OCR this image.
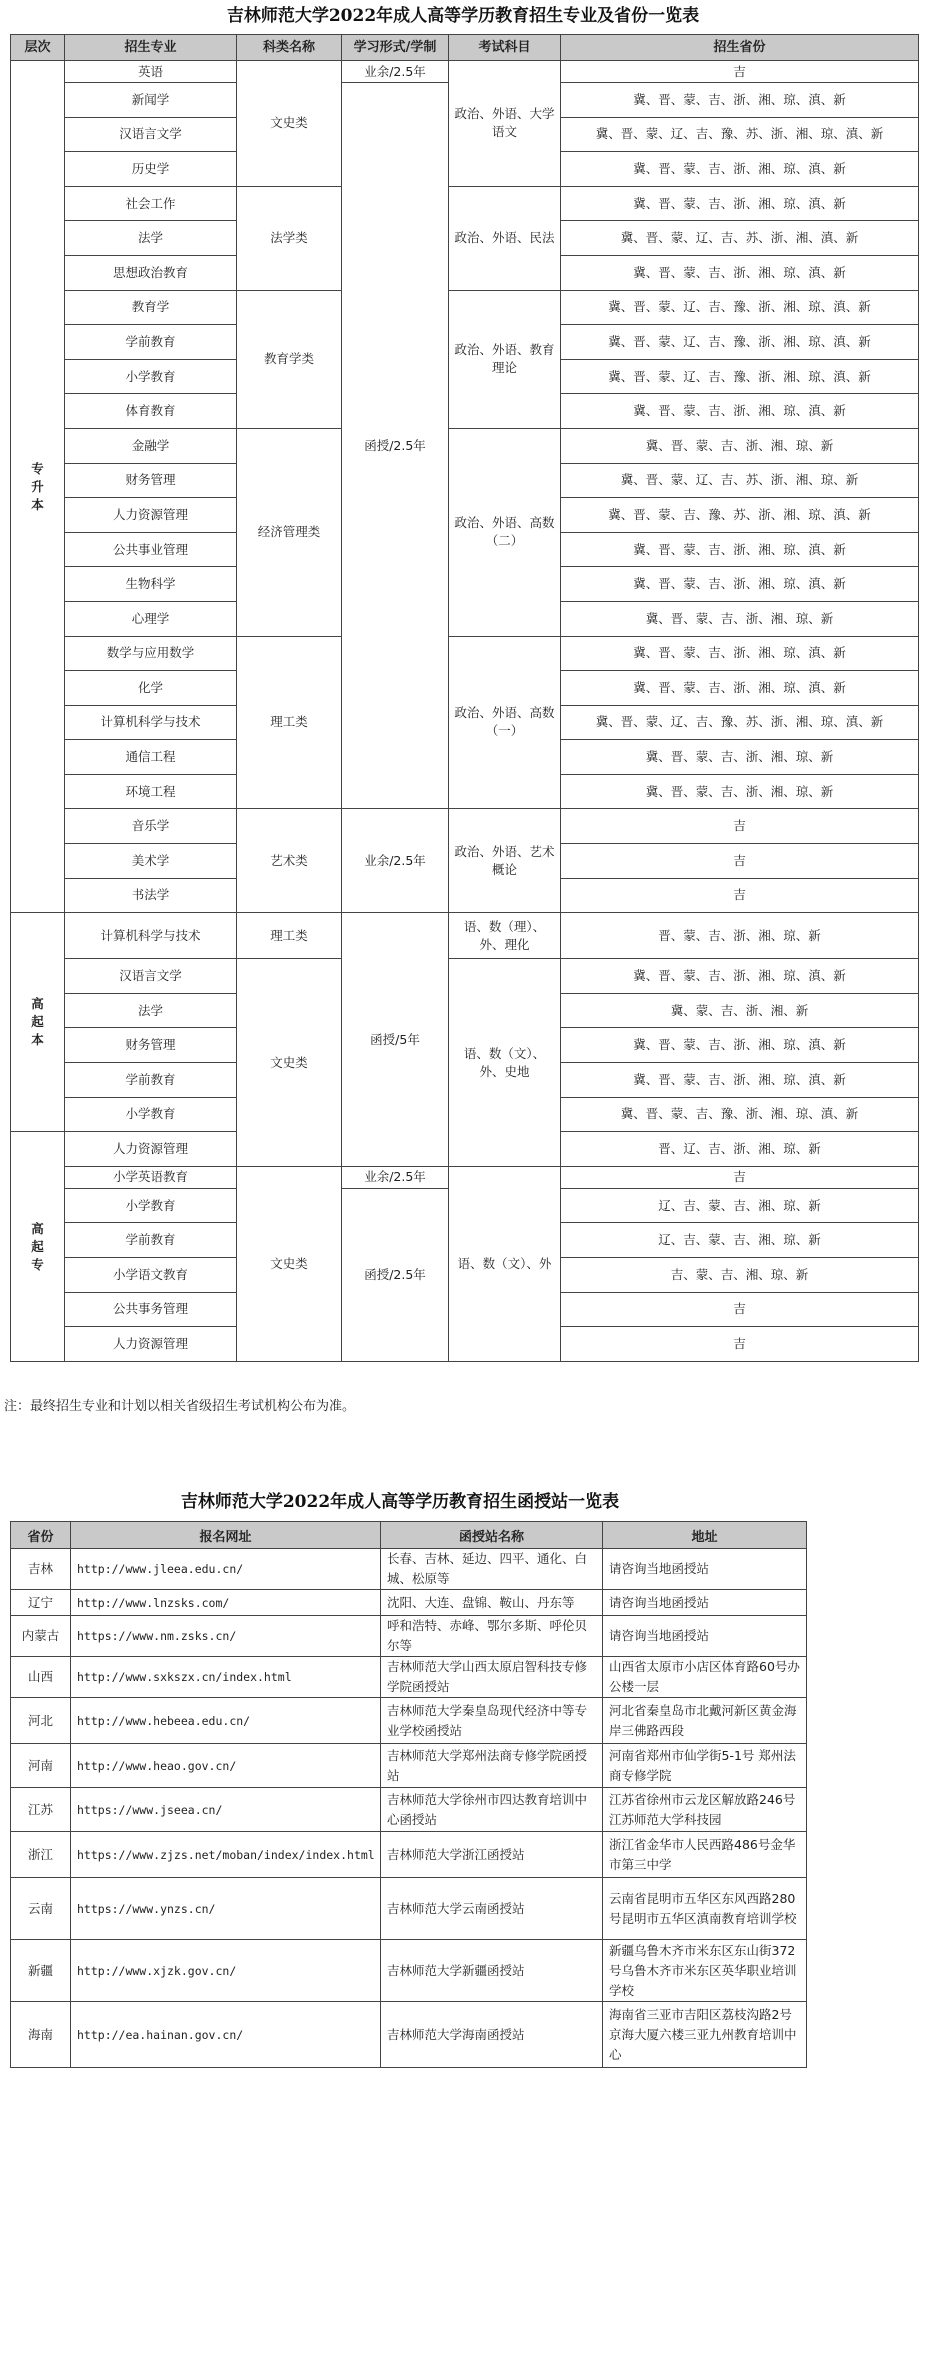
吉林师范大学2022年成人高等学历教育招生专业及省份一览表
层次	招生专业	科类名称	学习形式/学制	考试科目	招生省份
专
升
本	英语	文史类	业余/2.5年	政治、外语、大学语文	吉
	新闻学		函授/2.5年		冀、晋、蒙、吉、浙、湘、琼、滇、新
	汉语言文学				冀、晋、蒙、辽、吉、豫、苏、浙、湘、琼、滇、新
	历史学				冀、晋、蒙、吉、浙、湘、琼、滇、新
	社会工作	法学类		政治、外语、民法	冀、晋、蒙、吉、浙、湘、琼、滇、新
	法学				冀、晋、蒙、辽、吉、苏、浙、湘、滇、新
	思想政治教育				冀、晋、蒙、吉、浙、湘、琼、滇、新
	教育学	教育学类		政治、外语、教育理论	冀、晋、蒙、辽、吉、豫、浙、湘、琼、滇、新
	学前教育				冀、晋、蒙、辽、吉、豫、浙、湘、琼、滇、新
	小学教育				冀、晋、蒙、辽、吉、豫、浙、湘、琼、滇、新
	体育教育				冀、晋、蒙、吉、浙、湘、琼、滇、新
	金融学	经济管理类		政治、外语、高数（二）	冀、晋、蒙、吉、浙、湘、琼、新
	财务管理				冀、晋、蒙、辽、吉、苏、浙、湘、琼、新
	人力资源管理				冀、晋、蒙、吉、豫、苏、浙、湘、琼、滇、新
	公共事业管理				冀、晋、蒙、吉、浙、湘、琼、滇、新
	生物科学				冀、晋、蒙、吉、浙、湘、琼、滇、新
	心理学				冀、晋、蒙、吉、浙、湘、琼、新
	数学与应用数学	理工类		政治、外语、高数（一）	冀、晋、蒙、吉、浙、湘、琼、滇、新
	化学				冀、晋、蒙、吉、浙、湘、琼、滇、新
	计算机科学与技术				冀、晋、蒙、辽、吉、豫、苏、浙、湘、琼、滇、新
	通信工程				冀、晋、蒙、吉、浙、湘、琼、新
	环境工程				冀、晋、蒙、吉、浙、湘、琼、新
	音乐学	艺术类	业余/2.5年	政治、外语、艺术概论	吉
	美术学				吉
	书法学				吉
高
起
本	计算机科学与技术	理工类	函授/5年	语、数（理）、外、理化	晋、蒙、吉、浙、湘、琼、新
	汉语言文学	文史类		语、数（文）、外、史地	冀、晋、蒙、吉、浙、湘、琼、滇、新
	法学				冀、蒙、吉、浙、湘、新
	财务管理				冀、晋、蒙、吉、浙、湘、琼、滇、新
	学前教育				冀、晋、蒙、吉、浙、湘、琼、滇、新
	小学教育				冀、晋、蒙、吉、豫、浙、湘、琼、滇、新
高
起
专	人力资源管理				晋、辽、吉、浙、湘、琼、新
	小学英语教育	文史类	业余/2.5年	语、数（文）、外	吉
	小学教育		函授/2.5年		辽、吉、蒙、吉、湘、琼、新
	学前教育				辽、吉、蒙、吉、湘、琼、新
	小学语文教育				吉、蒙、吉、湘、琼、新
	公共事务管理				吉
	人力资源管理				吉
注：最终招生专业和计划以相关省级招生考试机构公布为准。
吉林师范大学2022年成人高等学历教育招生函授站一览表
省份	报名网址	函授站名称	地址
吉林	http://www.jleea.edu.cn/	长春、吉林、延边、四平、通化、白城、松原等	请咨询当地函授站
辽宁	http://www.lnzsks.com/	沈阳、大连、盘锦、鞍山、丹东等	请咨询当地函授站
内蒙古	https://www.nm.zsks.cn/	呼和浩特、赤峰、鄂尔多斯、呼伦贝尔等	请咨询当地函授站
山西	http://www.sxkszx.cn/index.html	吉林师范大学山西太原启智科技专修学院函授站	山西省太原市小店区体育路60号办公楼一层
河北	http://www.hebeea.edu.cn/	吉林师范大学秦皇岛现代经济中等专业学校函授站	河北省秦皇岛市北戴河新区黄金海岸三佛路西段
河南	http://www.heao.gov.cn/	吉林师范大学郑州法商专修学院函授站	河南省郑州市仙学街5-1号 郑州法商专修学院
江苏	https://www.jseea.cn/	吉林师范大学徐州市四达教育培训中心函授站	江苏省徐州市云龙区解放路246号江苏师范大学科技园
浙江	https://www.zjzs.net/moban/index/index.html	吉林师范大学浙江函授站	浙江省金华市人民西路486号金华市第三中学
云南	https://www.ynzs.cn/	吉林师范大学云南函授站	云南省昆明市五华区东风西路280号昆明市五华区滇南教育培训学校
新疆	http://www.xjzk.gov.cn/	吉林师范大学新疆函授站	新疆乌鲁木齐市米东区东山街372号乌鲁木齐市米东区英华职业培训学校
海南	http://ea.hainan.gov.cn/	吉林师范大学海南函授站	海南省三亚市吉阳区荔枝沟路2号京海大厦六楼三亚九州教育培训中心
